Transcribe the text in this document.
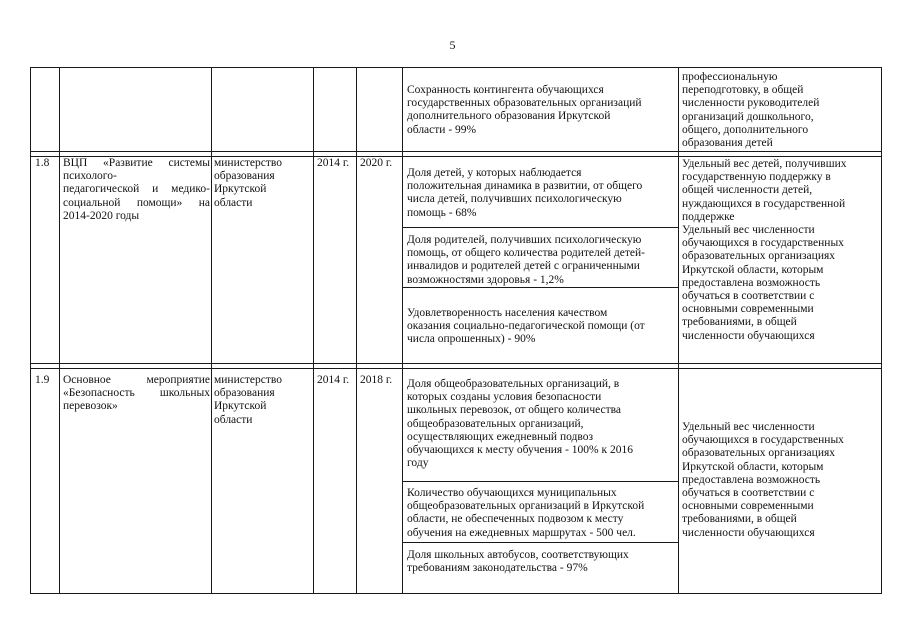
5
Сохранность контингента обучающихся
государственных образовательных организаций
дополнительного образования Иркутской
области - 99%
профессиональную
переподготовку, в общей
численности руководителей
организаций дошкольного,
общего, дополнительного
образования детей
1.8 ВЦП «Развитие системы
психолого-
педагогической и медико-
социальной помощи» на
2014-2020 годы
министерство
образования
Иркутской
области
2014 г. 2020 г.
Доля детей, у которых наблюдается
положительная динамика в развитии, от общего
числа детей, получивших психологическую
помощь - 68%
Доля родителей, получивших психологическую
помощь, от общего количества родителей детей-
инвалидов и родителей детей с ограниченными
возможностями здоровья - 1,2%
Удовлетворенность населения качеством
оказания социально-педагогической помощи (от
числа опрошенных) - 90%
Удельный вес детей, получивших
государственную поддержку в
общей численности детей,
нуждающихся в государственной
поддержке
Удельный вес численности
обучающихся в государственных
образовательных организациях
Иркутской области, которым
предоставлена возможность
обучаться в соответствии с
основными современными
требованиями, в общей
численности обучающихся
1.9 Основное мероприятие
«Безопасность школьных
перевозок»
министерство
образования
Иркутской
области
2014 г. 2018 г. Доля общеобразовательных организаций, в
которых созданы условия безопасности
школьных перевозок, от общего количества
общеобразовательных организаций,
осуществляющих ежедневный подвоз
обучающихся к месту обучения - 100% к 2016
году
Количество обучающихся муниципальных
общеобразовательных организаций в Иркутской
области, не обеспеченных подвозом к месту
обучения на ежедневных маршрутах - 500 чел.
Доля школьных автобусов, соответствующих
требованиям законодательства - 97%
Удельный вес численности
обучающихся в государственных
образовательных организациях
Иркутской области, которым
предоставлена возможность
обучаться в соответствии с
основными современными
требованиями, в общей
численности обучающихся
